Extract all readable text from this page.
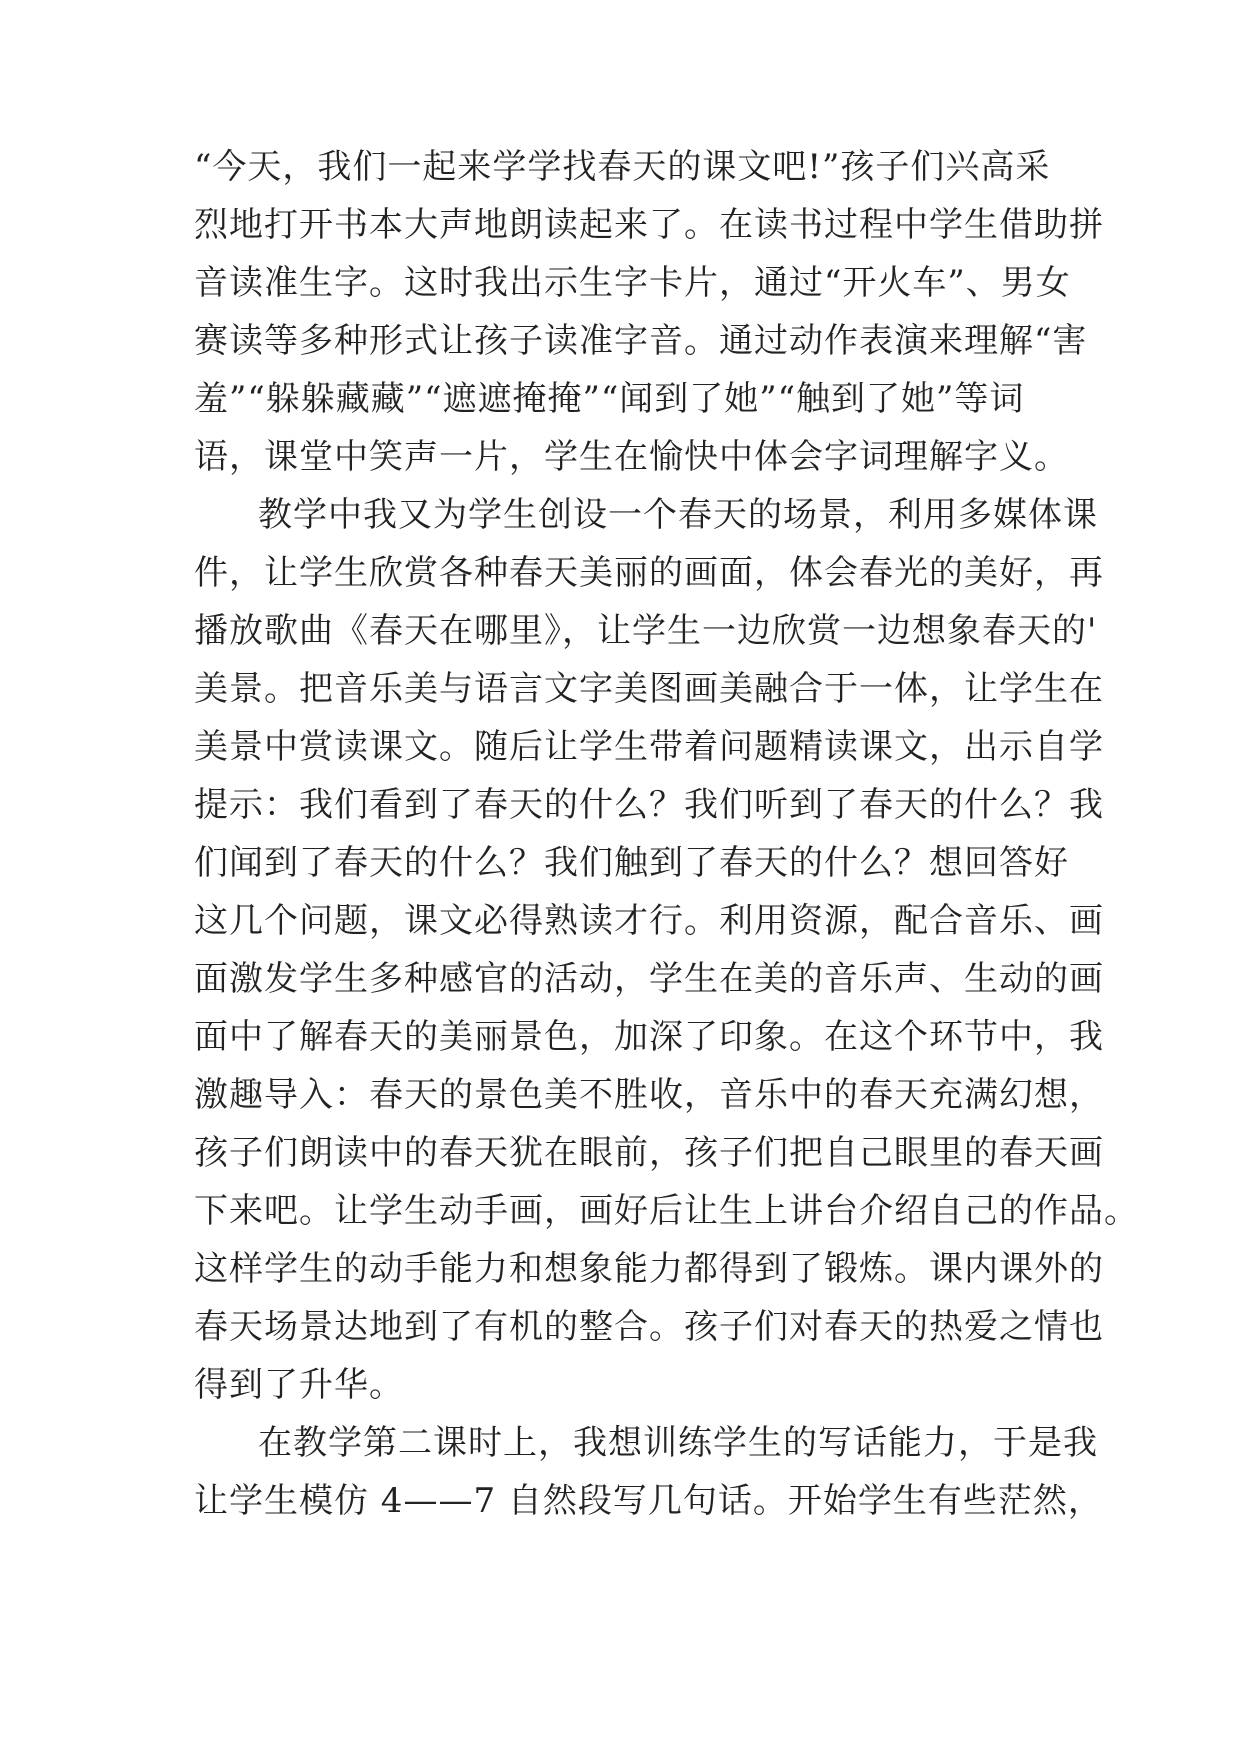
“今天，我们一起来学学找春天的课文吧!”孩子们兴高采
烈地打开书本大声地朗读起来了。在读书过程中学生借助拼
音读准生字。这时我出示生字卡片，通过“开火车”、男女
赛读等多种形式让孩子读准字音。通过动作表演来理解“害
羞”“躲躲藏藏”“遮遮掩掩”“闻到了她”“触到了她”等词
语，课堂中笑声一片，学生在愉快中体会字词理解字义。
教学中我又为学生创设一个春天的场景，利用多媒体课
件，让学生欣赏各种春天美丽的画面，体会春光的美好，再
播放歌曲《春天在哪里》，让学生一边欣赏一边想象春天的'
美景。把音乐美与语言文字美图画美融合于一体，让学生在
美景中赏读课文。随后让学生带着问题精读课文，出示自学
提示：我们看到了春天的什么？我们听到了春天的什么？我
们闻到了春天的什么？我们触到了春天的什么？想回答好
这几个问题，课文必得熟读才行。利用资源，配合音乐、画
面激发学生多种感官的活动，学生在美的音乐声、生动的画
面中了解春天的美丽景色，加深了印象。在这个环节中，我
激趣导入：春天的景色美不胜收，音乐中的春天充满幻想，
孩子们朗读中的春天犹在眼前，孩子们把自己眼里的春天画
下来吧。让学生动手画，画好后让生上讲台介绍自己的作品。
这样学生的动手能力和想象能力都得到了锻炼。课内课外的
春天场景达地到了有机的整合。孩子们对春天的热爱之情也
得到了升华。
在教学第二课时上，我想训练学生的写话能力，于是我
让学生模仿 4——7 自然段写几句话。开始学生有些茫然，
